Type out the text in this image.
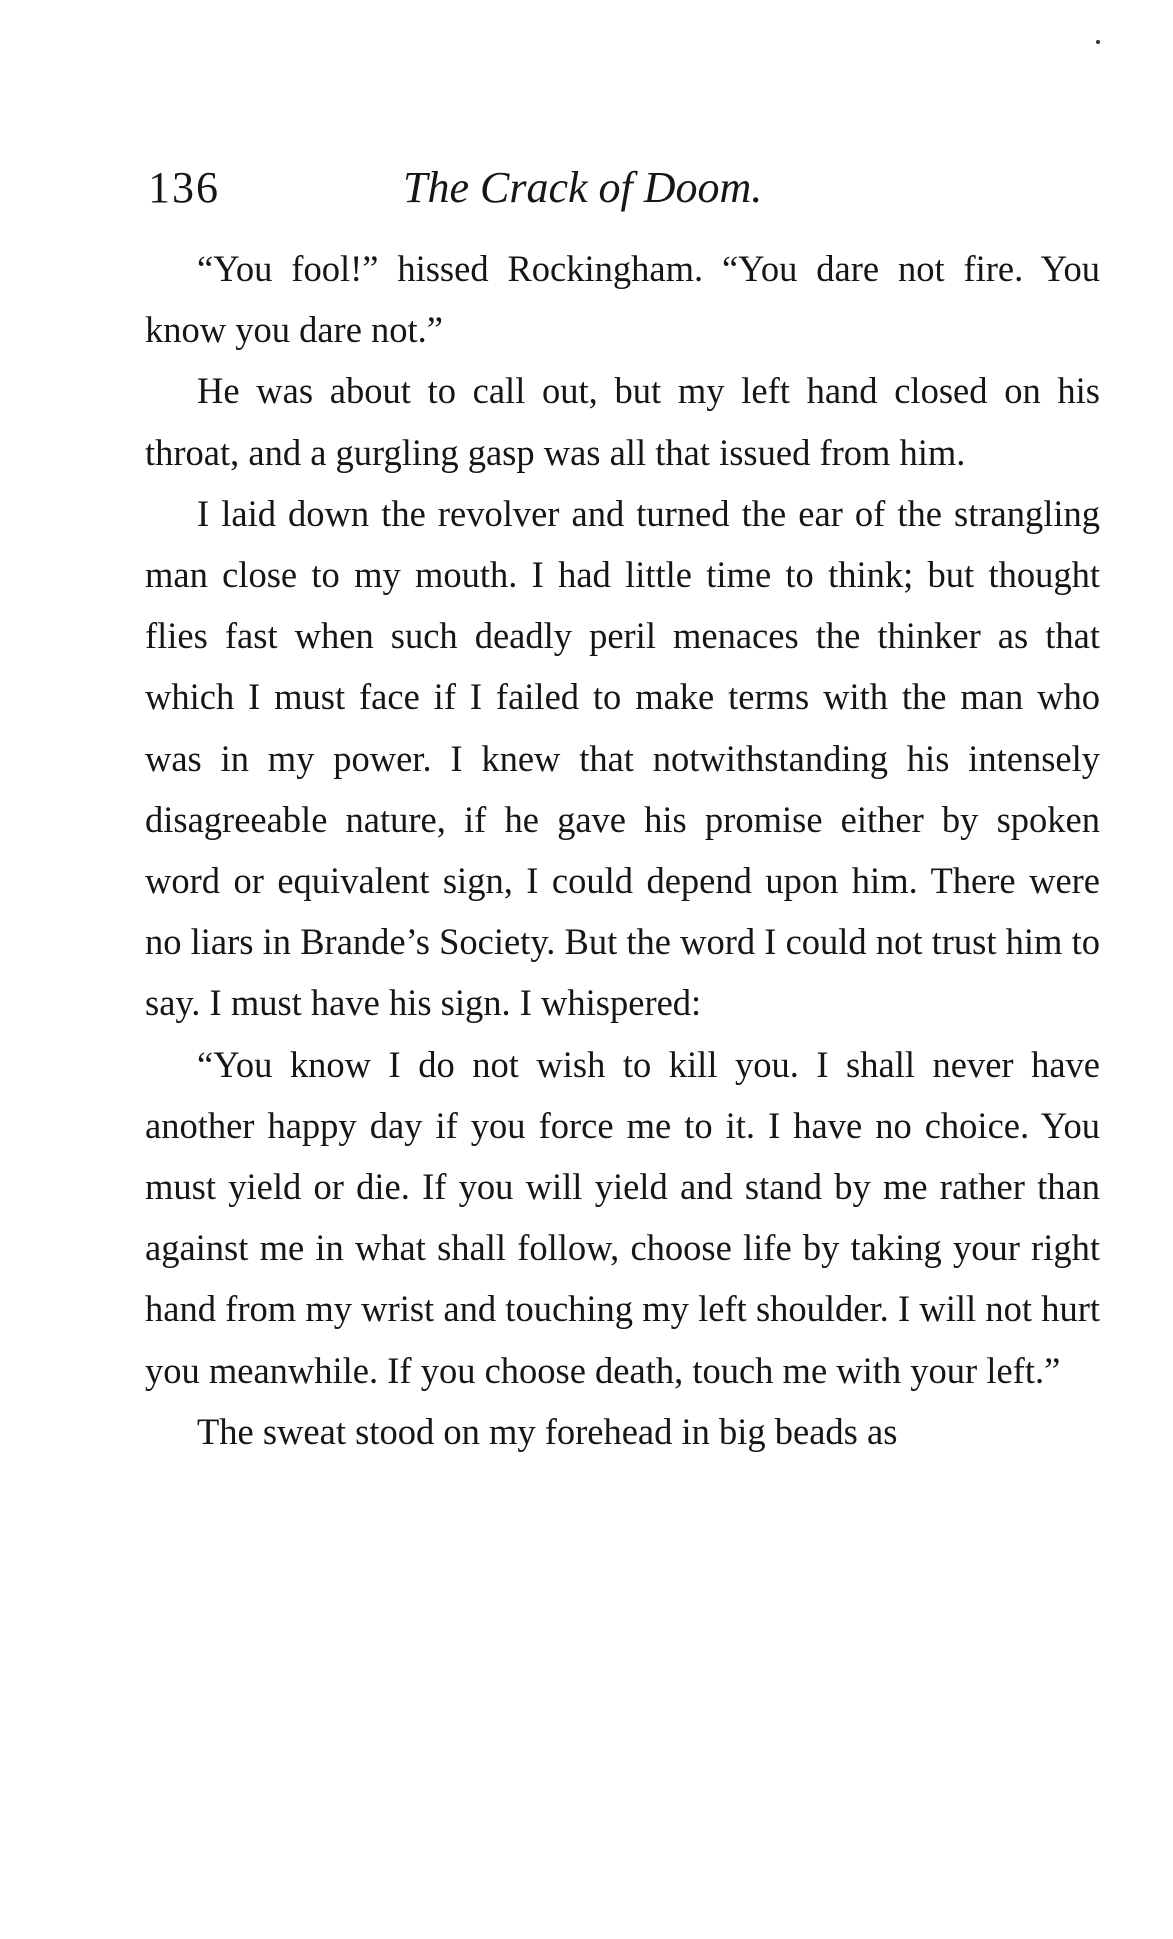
136	The Crack of Doom.

“You fool!” hissed Rockingham. “You dare not fire. You know you dare not.”

He was about to call out, but my left hand closed on his throat, and a gurgling gasp was all that issued from him.

I laid down the revolver and turned the ear of the strangling man close to my mouth. I had little time to think; but thought flies fast when such deadly peril menaces the thinker as that which I must face if I failed to make terms with the man who was in my power. I knew that notwithstanding his intensely disagreeable nature, if he gave his promise either by spoken word or equivalent sign, I could depend upon him. There were no liars in Brande’s Society. But the word I could not trust him to say. I must have his sign. I whispered:

“You know I do not wish to kill you. I shall never have another happy day if you force me to it. I have no choice. You must yield or die. If you will yield and stand by me rather than against me in what shall follow, choose life by taking your right hand from my wrist and touching my left shoulder. I will not hurt you meanwhile. If you choose death, touch me with your left.”

The sweat stood on my forehead in big beads as
